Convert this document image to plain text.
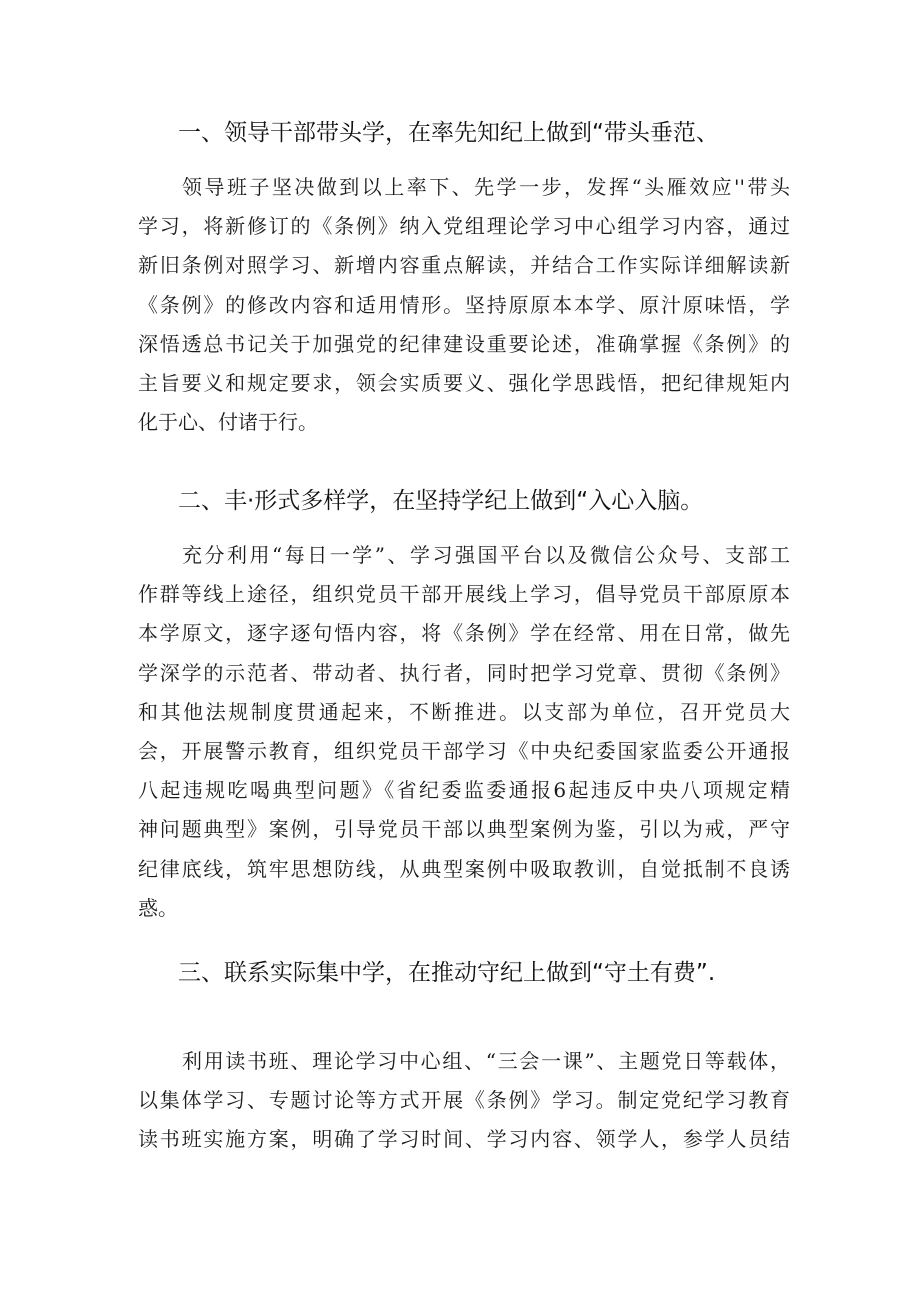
一、领导干部带头学，在率先知纪上做到“带头垂范、
领导班子坚决做到以上率下、先学一步，发挥“头雁效应''带头
学习，将新修订的《条例》纳入党组理论学习中心组学习内容，通过
新旧条例对照学习、新增内容重点解读，并结合工作实际详细解读新
《条例》的修改内容和适用情形。坚持原原本本学、原汁原味悟，学
深悟透总书记关于加强党的纪律建设重要论述，准确掌握《条例》的
主旨要义和规定要求，领会实质要义、强化学思践悟，把纪律规矩内
化于心、付诸于行。
二、丰·形式多样学，在坚持学纪上做到“入心入脑。
充分利用“每日一学”、学习强国平台以及微信公众号、支部工
作群等线上途径，组织党员干部开展线上学习，倡导党员干部原原本
本学原文，逐字逐句悟内容，将《条例》学在经常、用在日常，做先
学深学的示范者、带动者、执行者，同时把学习党章、贯彻《条例》
和其他法规制度贯通起来，不断推进。以支部为单位，召开党员大
会，开展警示教育，组织党员干部学习《中央纪委国家监委公开通报
八起违规吃喝典型问题》《省纪委监委通报6起违反中央八项规定精
神问题典型》案例，引导党员干部以典型案例为鉴，引以为戒，严守
纪律底线，筑牢思想防线，从典型案例中吸取教训，自觉抵制不良诱
惑。
三、联系实际集中学，在推动守纪上做到“守土有费”.
利用读书班、理论学习中心组、“三会一课”、主题党日等载体，
以集体学习、专题讨论等方式开展《条例》学习。制定党纪学习教育
读书班实施方案，明确了学习时间、学习内容、领学人，参学人员结
